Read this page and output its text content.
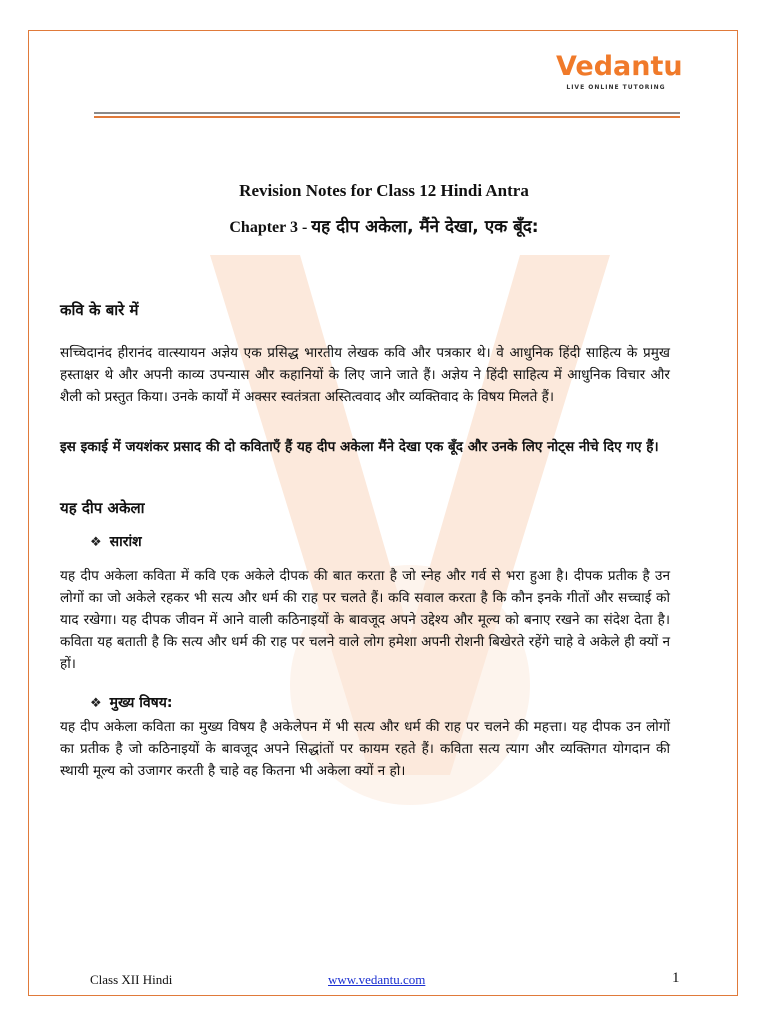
Vedantu
LIVE ONLINE TUTORING
Revision Notes for Class 12 Hindi Antra
Chapter 3 - यह दीप अकेला, मैंने देखा, एक बूँद:
कवि के बारे में

सच्चिदानंद हीरानंद वात्स्यायन अज्ञेय एक प्रसिद्ध भारतीय लेखक कवि और पत्रकार थे। वे आधुनिक हिंदी साहित्य के प्रमुख हस्ताक्षर थे और अपनी काव्य उपन्यास और कहानियों के लिए जाने जाते हैं। अज्ञेय ने हिंदी साहित्य में आधुनिक विचार और शैली को प्रस्तुत किया। उनके कार्यों में अक्सर स्वतंत्रता अस्तित्ववाद और व्यक्तिवाद के विषय मिलते हैं।

इस इकाई में जयशंकर प्रसाद की दो कविताएँ हैं यह दीप अकेला मैंने देखा एक बूँद और उनके लिए नोट्स नीचे दिए गए हैं।

यह दीप अकेला
❖ सारांश

यह दीप अकेला कविता में कवि एक अकेले दीपक की बात करता है जो स्नेह और गर्व से भरा हुआ है। दीपक प्रतीक है उन लोगों का जो अकेले रहकर भी सत्य और धर्म की राह पर चलते हैं। कवि सवाल करता है कि कौन इनके गीतों और सच्चाई को याद रखेगा। यह दीपक जीवन में आने वाली कठिनाइयों के बावजूद अपने उद्देश्य और मूल्य को बनाए रखने का संदेश देता है। कविता यह बताती है कि सत्य और धर्म की राह पर चलने वाले लोग हमेशा अपनी रोशनी बिखेरते रहेंगे चाहे वे अकेले ही क्यों न हों।

❖ मुख्य विषय:

यह दीप अकेला कविता का मुख्य विषय है अकेलेपन में भी सत्य और धर्म की राह पर चलने की महत्ता। यह दीपक उन लोगों का प्रतीक है जो कठिनाइयों के बावजूद अपने सिद्धांतों पर कायम रहते हैं। कविता सत्य त्याग और व्यक्तिगत योगदान की स्थायी मूल्य को उजागर करती है चाहे वह कितना भी अकेला क्यों न हो।

Class XII Hindi	www.vedantu.com	1
